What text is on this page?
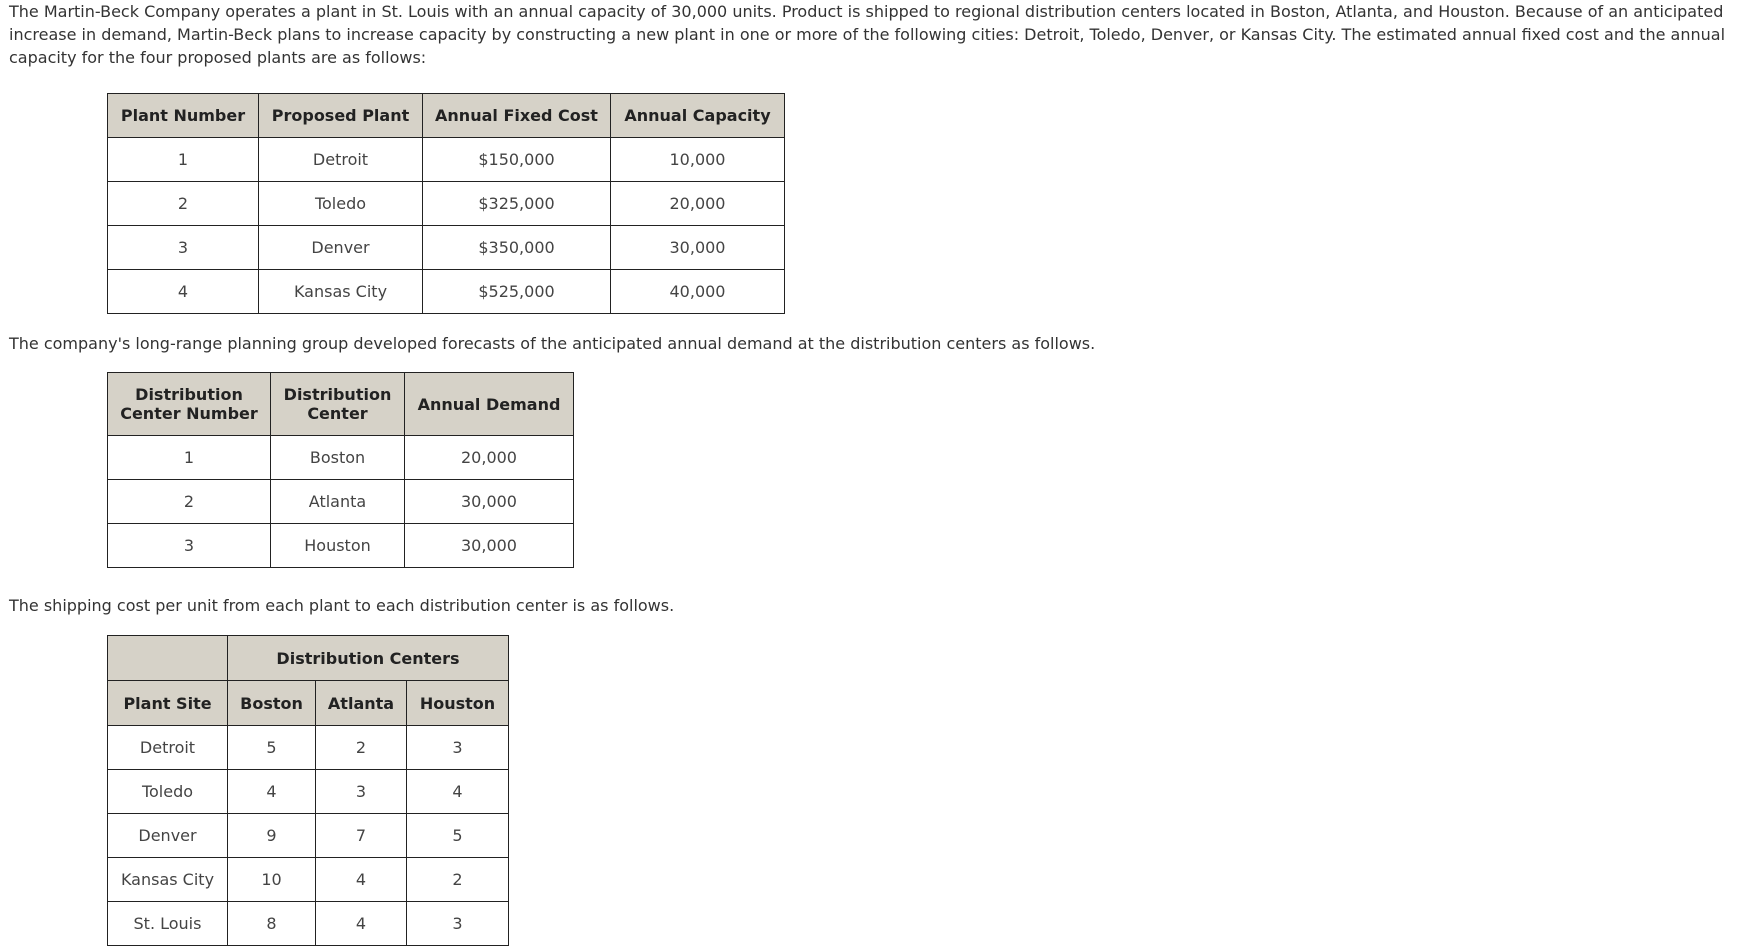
The Martin-Beck Company operates a plant in St. Louis with an annual capacity of 30,000 units. Product is shipped to regional distribution centers located in Boston, Atlanta, and Houston. Because of an anticipated increase in demand, Martin-Beck plans to increase capacity by constructing a new plant in one or more of the following cities: Detroit, Toledo, Denver, or Kansas City. The estimated annual fixed cost and the annual capacity for the four proposed plants are as follows:

Plant Number	Proposed Plant	Annual Fixed Cost	Annual Capacity
1	Detroit	$150,000	10,000
2	Toledo	$325,000	20,000
3	Denver	$350,000	30,000
4	Kansas City	$525,000	40,000

The company's long-range planning group developed forecasts of the anticipated annual demand at the distribution centers as follows.

Distribution Center Number	Distribution Center	Annual Demand
1	Boston	20,000
2	Atlanta	30,000
3	Houston	30,000

The shipping cost per unit from each plant to each distribution center is as follows.

	Distribution Centers		
Plant Site	Boston	Atlanta	Houston
Detroit	5	2	3
Toledo	4	3	4
Denver	9	7	5
Kansas City	10	4	2
St. Louis	8	4	3
